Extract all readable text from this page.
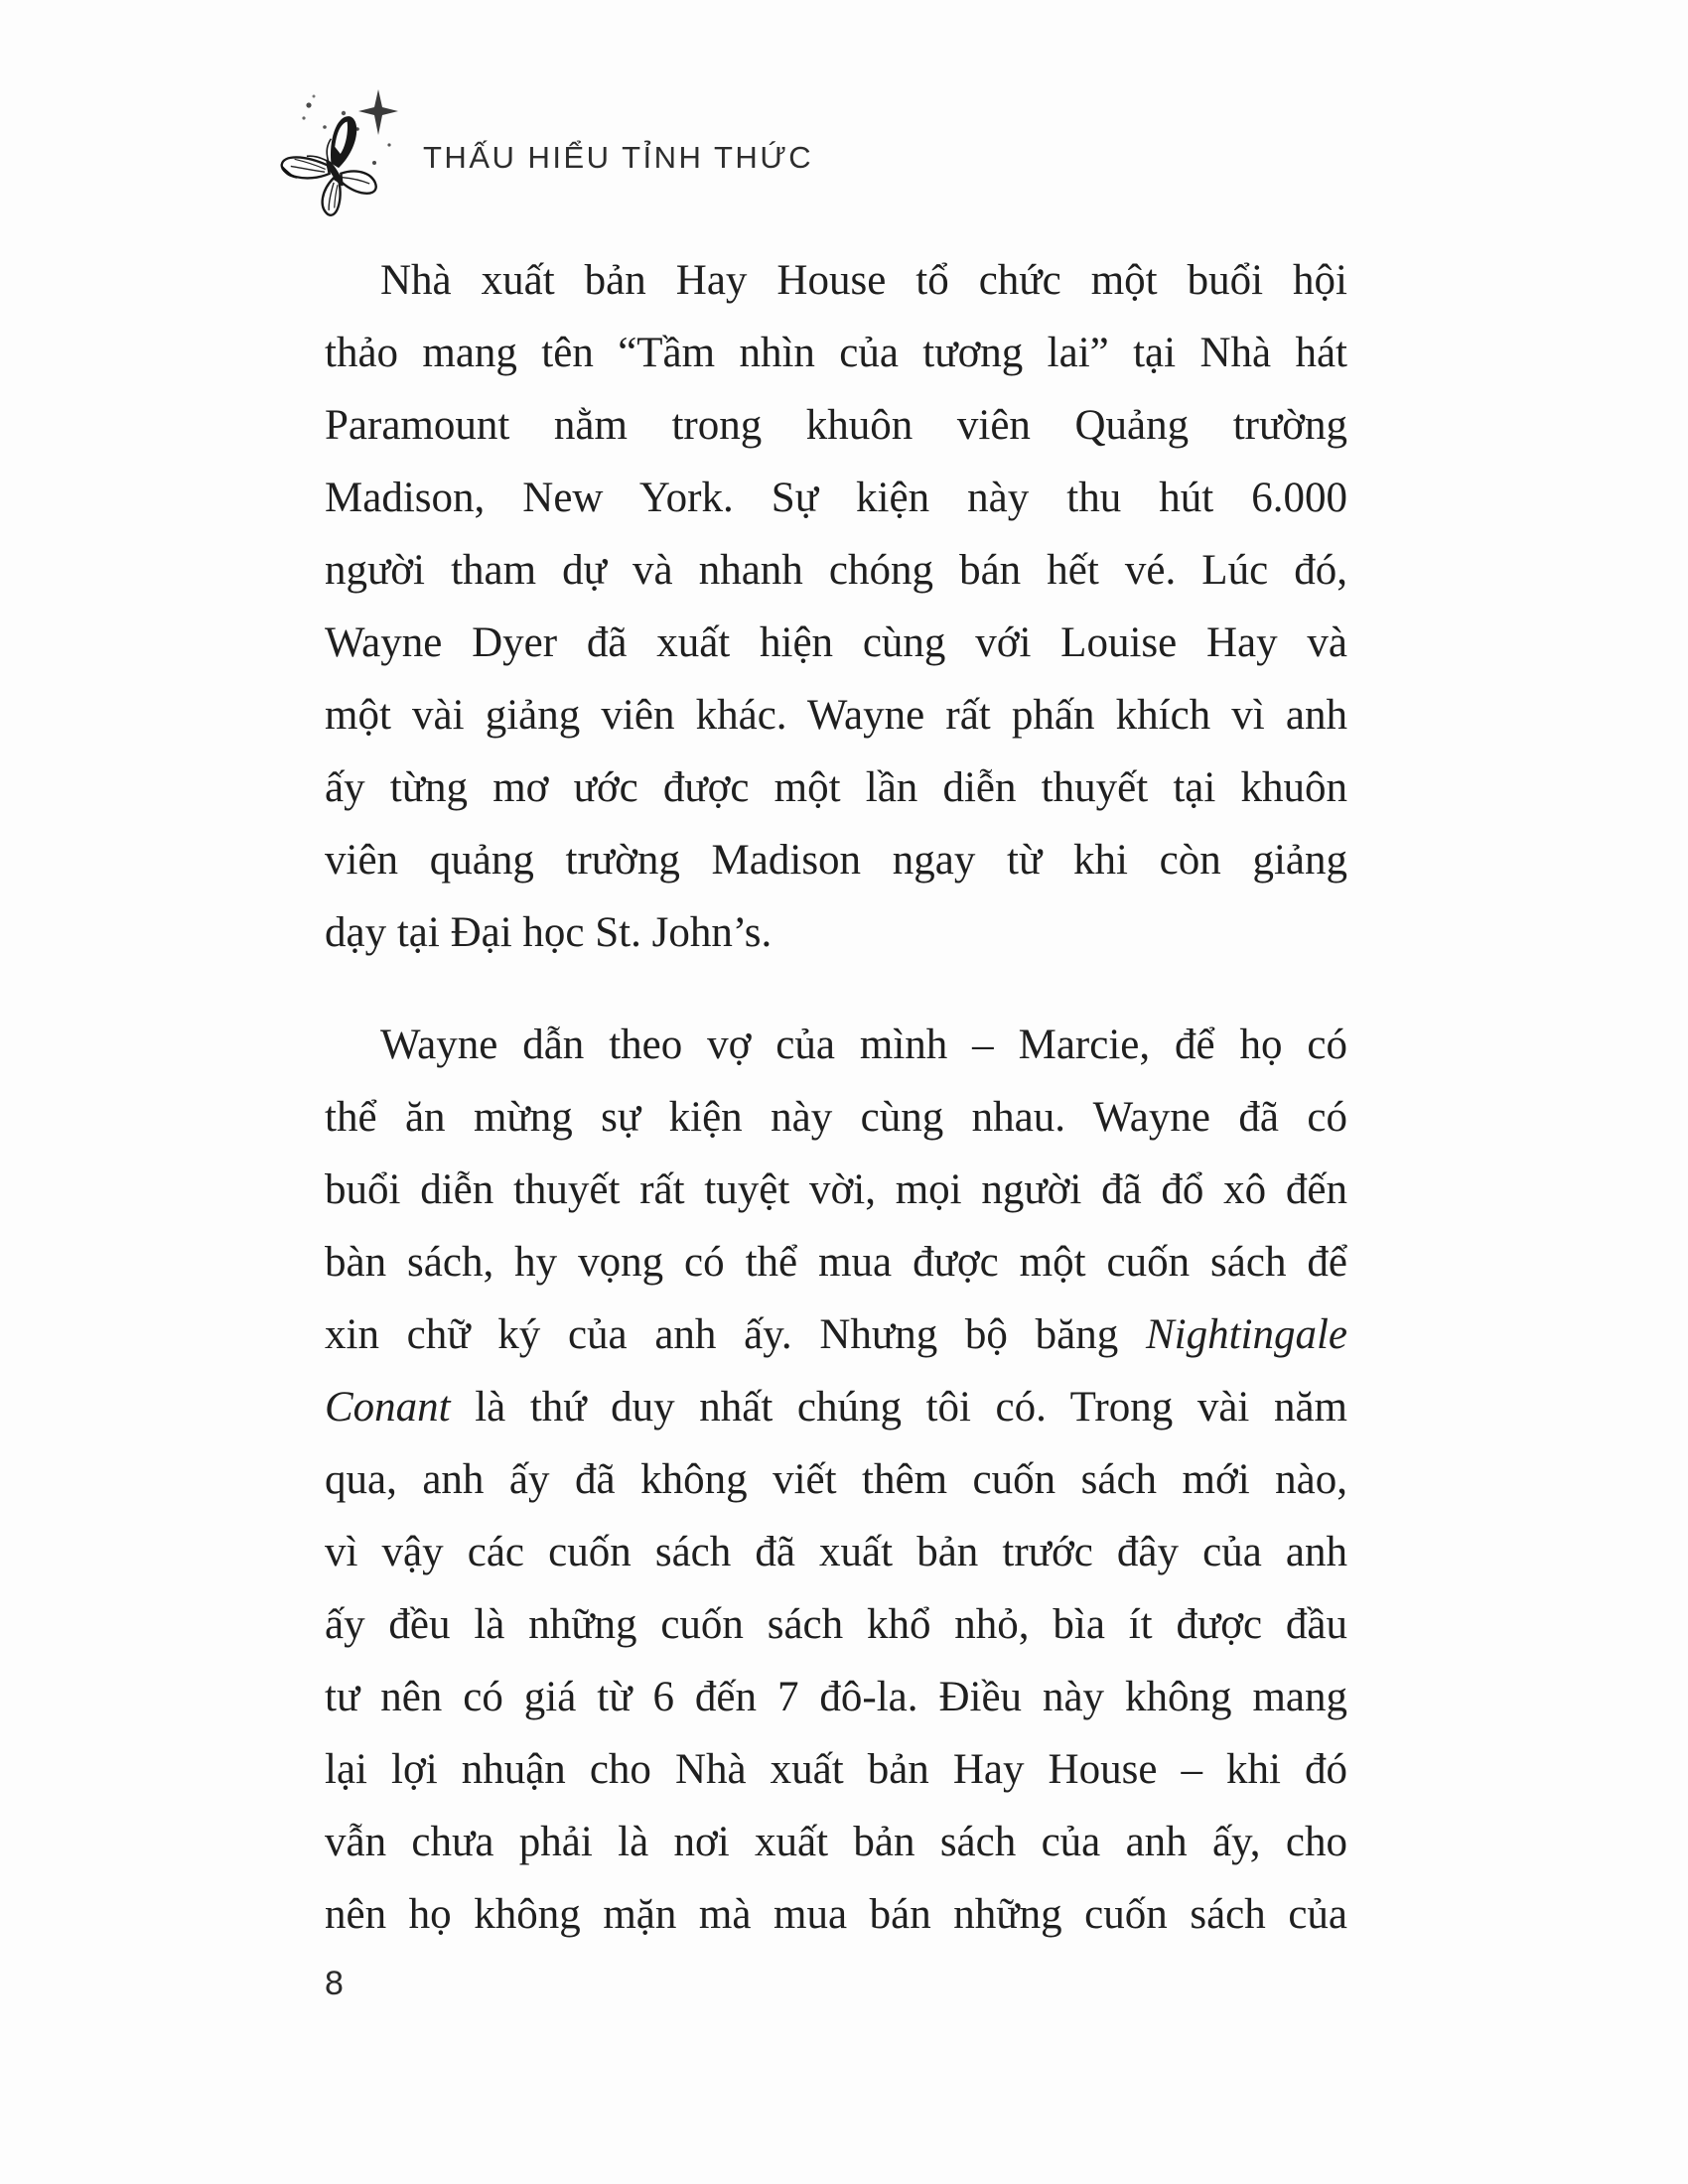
THẤU HIỂU TỈNH THỨC
Nhà xuất bản Hay House tổ chức một buổi hội
thảo mang tên “Tầm nhìn của tương lai” tại Nhà hát
Paramount nằm trong khuôn viên Quảng trường
Madison, New York. Sự kiện này thu hút 6.000
người tham dự và nhanh chóng bán hết vé. Lúc đó,
Wayne Dyer đã xuất hiện cùng với Louise Hay và
một vài giảng viên khác. Wayne rất phấn khích vì anh
ấy từng mơ ước được một lần diễn thuyết tại khuôn
viên quảng trường Madison ngay từ khi còn giảng
dạy tại Đại học St. John’s.
Wayne dẫn theo vợ của mình – Marcie, để họ có
thể ăn mừng sự kiện này cùng nhau. Wayne đã có
buổi diễn thuyết rất tuyệt vời, mọi người đã đổ xô đến
bàn sách, hy vọng có thể mua được một cuốn sách để
xin chữ ký của anh ấy. Nhưng bộ băng Nightingale
Conant là thứ duy nhất chúng tôi có. Trong vài năm
qua, anh ấy đã không viết thêm cuốn sách mới nào,
vì vậy các cuốn sách đã xuất bản trước đây của anh
ấy đều là những cuốn sách khổ nhỏ, bìa ít được đầu
tư nên có giá từ 6 đến 7 đô-la. Điều này không mang
lại lợi nhuận cho Nhà xuất bản Hay House – khi đó
vẫn chưa phải là nơi xuất bản sách của anh ấy, cho
nên họ không mặn mà mua bán những cuốn sách của
8
